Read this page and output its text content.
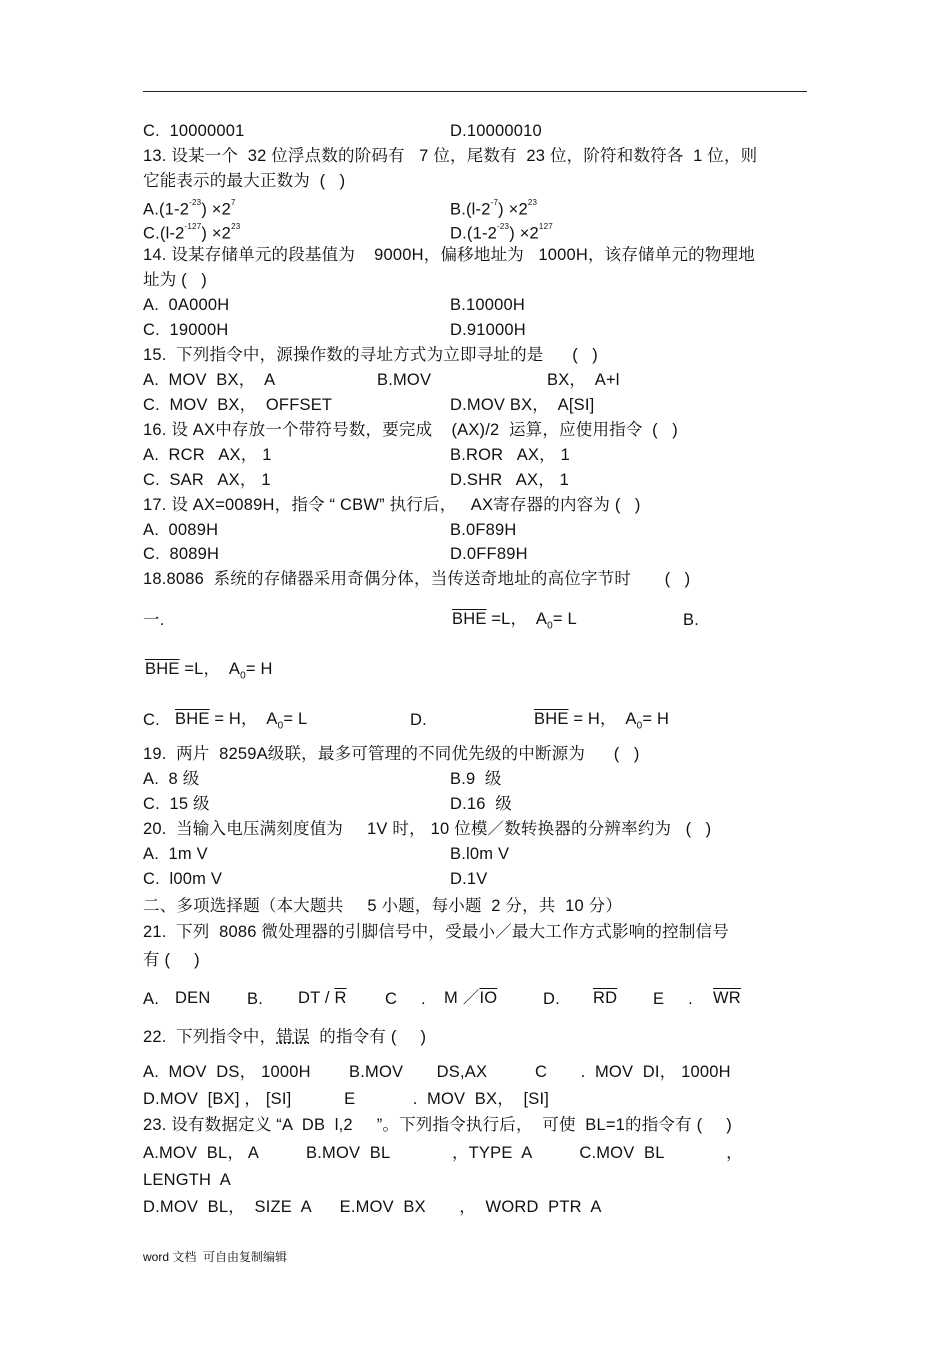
C.  10000001	D.10000010
13. 设某一个  32 位浮点数的阶码有   7 位，尾数有  23 位，阶符和数符各  1 位，则
它能表示的最大正数为  (   )
$A.(1-2^{-23}) \times 2^7$	$B.(l-2^{-7}) \times 2^{23}$
$C.(l-2^{-127}) \times 2^{23}$	$D.(1-2^{-23}) \times 2^{127}$
14. 设某存储单元的段基值为    9000H，偏移地址为   1000H，该存储单元的物理地
址为 (   )
A.  0A000H	B.10000H
C.  19000H	D.91000H
15.  下列指令中，源操作数的寻址方式为立即寻址的是      (   )
A.  MOV  BX，  A	B.MOV	BX，  A+l
C.  MOV  BX，  OFFSET	D.MOV BX，  A[SI]
16. 设 AX中存放一个带符号数，要完成    (AX)/2  运算，应使用指令  (   )
A.  RCR   AX， 1	B.ROR   AX， 1
C.  SAR   AX， 1	D.SHR   AX， 1
17. 设 AX=0089H，指令 “ CBW” 执行后，   AX寄存器的内容为 (   )
A.  0089H	B.0F89H
C.  8089H	D.0FF89H
18.8086  系统的存储器采用奇偶分体，当传送奇地址的高位字节时       (   )
一.	$\overline{BHE} =L$，  $A_0= L$	B.
$\overline{BHE} =L$，  $A_0= H$
C. $\overline{BHE} = H$，  $A_0= L$	D.	$\overline{BHE} = H$，  $A_0= H$
19.  两片  8259A级联，最多可管理的不同优先级的中断源为      (   )
A.  8 级	B.9  级
C.  15 级	D.16  级
20.  当输入电压满刻度值为     1V 时， 10 位模／数转换器的分辨率约为   (   )
A.  1m V	B.l0m V
C.  l00m V	D.1V
二、多项选择题（本大题共     5 小题，每小题  2 分，共  10 分）
21.  下列  8086 微处理器的引脚信号中，受最小／最大工作方式影响的控制信号
有 (     )
A. DEN B. DT / $\overline{R}$ C     . M $/\overline{IO}$	D. $\overline{RD}$ E     . $\overline{WR}$
22.  下列指令中，错误  的指令有 (     )
A.  MOV  DS， 1000H        B.MOV       DS,AX          C       .  MOV  DI， 1000H
D.MOV  [BX] ， [SI]           E            .  MOV  BX，  [SI]
23. 设有数据定义 “A  DB  l,2     ”。下列指令执行后，  可使  BL=1的指令有 (     )
A.MOV  BL， A          B.MOV  BL             ，TYPE  A          C.MOV  BL             ，
LENGTH  A
D.MOV  BL，  SIZE  A      E.MOV  BX       ，  WORD  PTR  A
word 文档  可自由复制编辑
